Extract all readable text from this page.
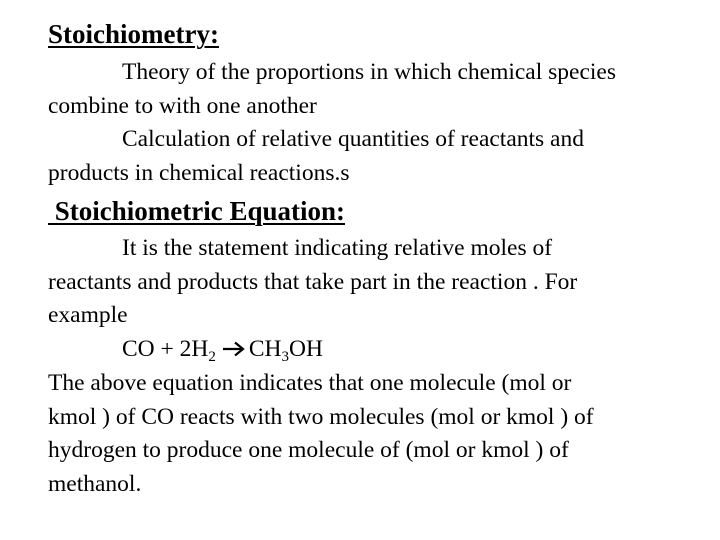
Stoichiometry:
Theory of the proportions in which chemical species
combine to with one another
Calculation of relative quantities of reactants and
products in chemical reactions.s
Stoichiometric Equation:
It is the statement indicating relative moles of
reactants and products that take part in the reaction . For
example
CO + $2H_2$ $CH_3OH$
The above equation indicates that one molecule (mol or
kmol ) of CO reacts with two molecules (mol or kmol ) of
hydrogen to produce one molecule of (mol or kmol ) of
methanol.
